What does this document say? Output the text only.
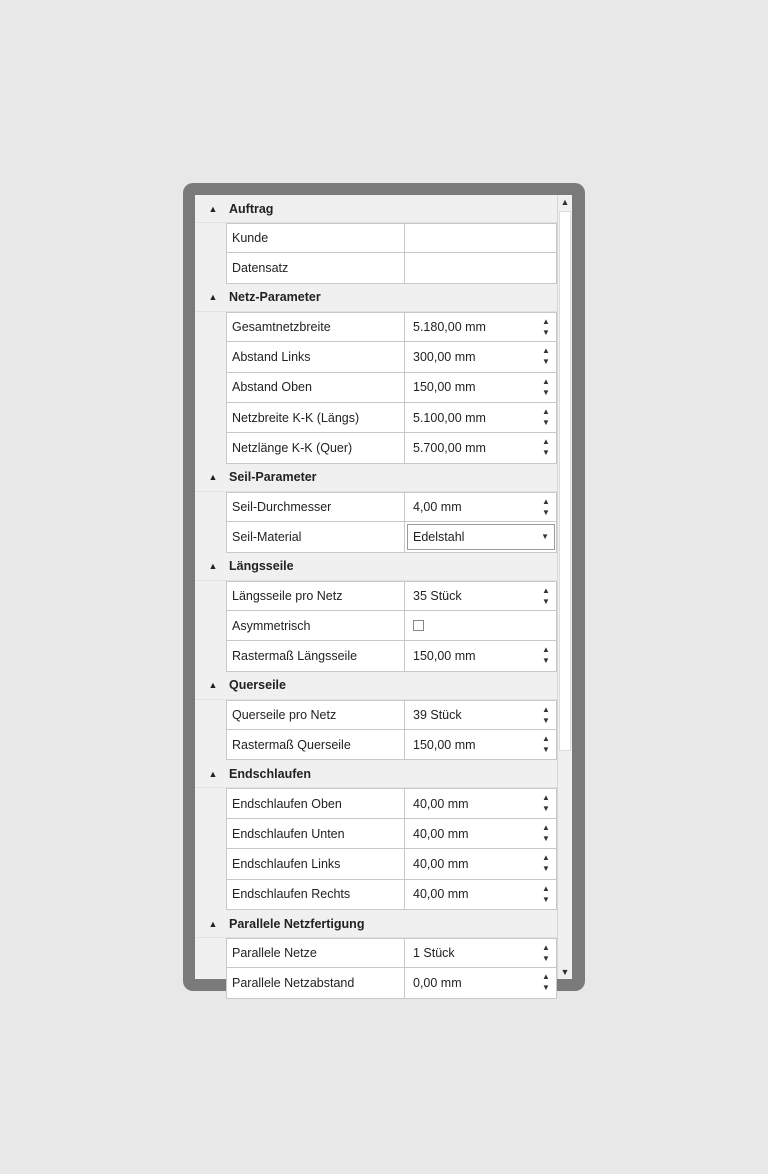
▲ Auftrag
Kunde
Datensatz
▲ Netz-Parameter
Gesamtnetzbreite	5.180,00 mm	▲
▼
Abstand Links	300,00 mm	▲
▼
Abstand Oben	150,00 mm	▲
▼
Netzbreite K-K (Längs)	5.100,00 mm	▲
▼
Netzlänge K-K (Quer)	5.700,00 mm	▲
▼
▲ Seil-Parameter
Seil-Durchmesser	4,00 mm	▲
▼
Seil-Material	Edelstahl	▼
▲ Längsseile
Längsseile pro Netz	35 Stück	▲
▼
Asymmetrisch
Rastermaß Längsseile	150,00 mm	▲
▼
▲ Querseile
Querseile pro Netz	39 Stück	▲
▼
Rastermaß Querseile	150,00 mm	▲
▼
▲ Endschlaufen
Endschlaufen Oben	40,00 mm	▲
▼
Endschlaufen Unten	40,00 mm	▲
▼
Endschlaufen Links	40,00 mm	▲
▼
Endschlaufen Rechts	40,00 mm	▲
▼
▲ Parallele Netzfertigung
Parallele Netze	1 Stück	▲
▼
Parallele Netzabstand	0,00 mm	▲
▼
▲
▼
